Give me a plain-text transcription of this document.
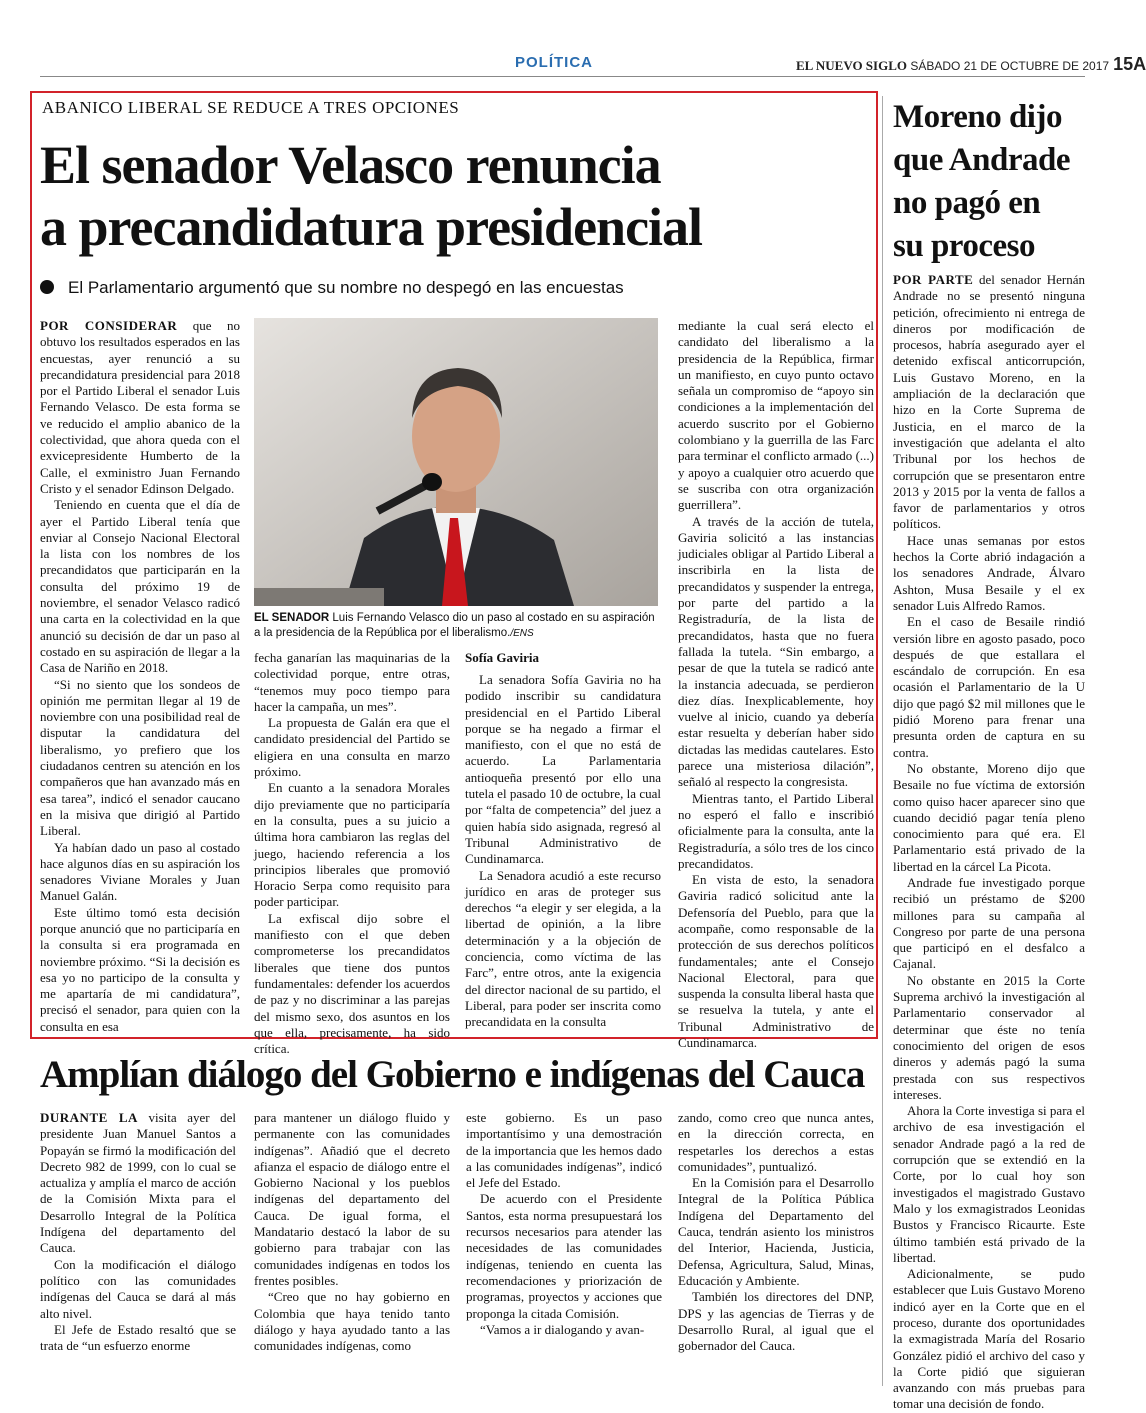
POLÍTICA	EL NUEVO SIGLO SÁBADO 21 DE OCTUBRE DE 2017 15A
ABANICO LIBERAL SE REDUCE A TRES OPCIONES
El senador Velasco renuncia
a precandidatura presidencial
El Parlamentario argumentó que su nombre no despegó en las encuestas

POR CONSIDERAR que no obtuvo los resultados esperados en las encuestas, ayer renunció a su precandidatura presidencial para 2018 por el Partido Liberal el senador Luis Fernando Velasco. De esta forma se ve reducido el amplio abanico de la colectividad, que ahora queda con el exvicepresidente Humberto de la Calle, el exministro Juan Fernando Cristo y el senador Edinson Delgado.

Teniendo en cuenta que el día de ayer el Partido Liberal tenía que enviar al Consejo Nacional Electoral la lista con los nombres de los precandidatos que participarán en la consulta del próximo 19 de noviembre, el senador Velasco radicó una carta en la colectividad en la que anunció su decisión de dar un paso al costado en su aspiración de llegar a la Casa de Nariño en 2018.

“Si no siento que los sondeos de opinión me permitan llegar al 19 de noviembre con una posibilidad real de disputar la candidatura del liberalismo, yo prefiero que los ciudadanos centren su atención en los compañeros que han avanzado más en esa tarea”, indicó el senador caucano en la misiva que dirigió al Partido Liberal.

Ya habían dado un paso al costado hace algunos días en su aspiración los senadores Viviane Morales y Juan Manuel Galán.

Este último tomó esta decisión porque anunció que no participaría en la consulta si era programada en noviembre próximo. “Si la decisión es esa yo no participo de la consulta y me apartaría de mi candidatura”, precisó el senador, para quien con la consulta en esa

EL SENADOR Luis Fernando Velasco dio un paso al costado en su aspiración a la presidencia de la República por el liberalismo./ENS

fecha ganarían las maquinarias de la colectividad porque, entre otras, “tenemos muy poco tiempo para hacer la campaña, un mes”.

La propuesta de Galán era que el candidato presidencial del Partido se eligiera en una consulta en marzo próximo.

En cuanto a la senadora Morales dijo previamente que no participaría en la consulta, pues a su juicio a última hora cambiaron las reglas del juego, haciendo referencia a los principios liberales que promovió Horacio Serpa como requisito para poder participar.

La exfiscal dijo sobre el manifiesto con el que deben comprometerse los precandidatos liberales que tiene dos puntos fundamentales: defender los acuerdos de paz y no discriminar a las parejas del mismo sexo, dos asuntos en los que ella, precisamente, ha sido crítica.

Sofía Gaviria

La senadora Sofía Gaviria no ha podido inscribir su candidatura presidencial en el Partido Liberal porque se ha negado a firmar el manifiesto, con el que no está de acuerdo. La Parlamentaria antioqueña presentó por ello una tutela el pasado 10 de octubre, la cual por “falta de competencia” del juez a quien había sido asignada, regresó al Tribunal Administrativo de Cundinamarca.

La Senadora acudió a este recurso jurídico en aras de proteger sus derechos “a elegir y ser elegida, a la libertad de opinión, a la libre determinación y a la objeción de conciencia, como víctima de las Farc”, entre otros, ante la exigencia del director nacional de su partido, el Liberal, para poder ser inscrita como precandidata en la consulta

mediante la cual será electo el candidato del liberalismo a la presidencia de la República, firmar un manifiesto, en cuyo punto octavo señala un compromiso de “apoyo sin condiciones a la implementación del acuerdo suscrito por el Gobierno colombiano y la guerrilla de las Farc para terminar el conflicto armado (...) y apoyo a cualquier otro acuerdo que se suscriba con otra organización guerrillera”.

A través de la acción de tutela, Gaviria solicitó a las instancias judiciales obligar al Partido Liberal a inscribirla en la lista de precandidatos y suspender la entrega, por parte del partido a la Registraduría, de la lista de precandidatos, hasta que no fuera fallada la tutela. “Sin embargo, a pesar de que la tutela se radicó ante la instancia adecuada, se perdieron diez días. Inexplicablemente, hoy vuelve al inicio, cuando ya debería estar resuelta y deberían haber sido dictadas las medidas cautelares. Esto parece una misteriosa dilación”, señaló al respecto la congresista.

Mientras tanto, el Partido Liberal no esperó el fallo e inscribió oficialmente para la consulta, ante la Registraduría, a sólo tres de los cinco precandidatos.

En vista de esto, la senadora Gaviria radicó solicitud ante la Defensoría del Pueblo, para que la acompañe, como responsable de la protección de sus derechos políticos fundamentales; ante el Consejo Nacional Electoral, para que suspenda la consulta liberal hasta que se resuelva la tutela, y ante el Tribunal Administrativo de Cundinamarca.

Moreno dijo
que Andrade
no pagó en
su proceso

POR PARTE del senador Hernán Andrade no se presentó ninguna petición, ofrecimiento ni entrega de dineros por modificación de procesos, habría asegurado ayer el detenido exfiscal anticorrupción, Luis Gustavo Moreno, en la ampliación de la declaración que hizo en la Corte Suprema de Justicia, en el marco de la investigación que adelanta el alto Tribunal por los hechos de corrupción que se presentaron entre 2013 y 2015 por la venta de fallos a favor de parlamentarios y otros políticos.

Hace unas semanas por estos hechos la Corte abrió indagación a los senadores Andrade, Álvaro Ashton, Musa Besaile y el ex senador Luis Alfredo Ramos.

En el caso de Besaile rindió versión libre en agosto pasado, poco después de que estallara el escándalo de corrupción. En esa ocasión el Parlamentario de la U dijo que pagó $2 mil millones que le pidió Moreno para frenar una presunta orden de captura en su contra.

No obstante, Moreno dijo que Besaile no fue víctima de extorsión como quiso hacer aparecer sino que cuando decidió pagar tenía pleno conocimiento para qué era. El Parlamentario está privado de la libertad en la cárcel La Picota.

Andrade fue investigado porque recibió un préstamo de $200 millones para su campaña al Congreso por parte de una persona que participó en el desfalco a Cajanal.

No obstante en 2015 la Corte Suprema archivó la investigación al Parlamentario conservador al determinar que éste no tenía conocimiento del origen de esos dineros y además pagó la suma prestada con sus respectivos intereses.

Ahora la Corte investiga si para el archivo de esa investigación el senador Andrade pagó a la red de corrupción que se extendió en la Corte, por lo cual hoy son investigados el magistrado Gustavo Malo y los exmagistrados Leonidas Bustos y Francisco Ricaurte. Este último también está privado de la libertad.

Adicionalmente, se pudo establecer que Luis Gustavo Moreno indicó ayer en la Corte que en el proceso, durante dos oportunidades la exmagistrada María del Rosario González pidió el archivo del caso y la Corte pidió que siguieran avanzando con más pruebas para tomar una decisión de fondo.

Amplían diálogo del Gobierno e indígenas del Cauca

DURANTE LA visita ayer del presidente Juan Manuel Santos a Popayán se firmó la modificación del Decreto 982 de 1999, con lo cual se actualiza y amplía el marco de acción de la Comisión Mixta para el Desarrollo Integral de la Política Indígena del departamento del Cauca.

Con la modificación el diálogo político con las comunidades indígenas del Cauca se dará al más alto nivel.

El Jefe de Estado resaltó que se trata de “un esfuerzo enorme

para mantener un diálogo fluido y permanente con las comunidades indígenas”. Añadió que el decreto afianza el espacio de diálogo entre el Gobierno Nacional y los pueblos indígenas del departamento del Cauca. De igual forma, el Mandatario destacó la labor de su gobierno para trabajar con las comunidades indígenas en todos los frentes posibles.

“Creo que no hay gobierno en Colombia que haya tenido tanto diálogo y haya ayudado tanto a las comunidades indígenas, como

este gobierno. Es un paso importantísimo y una demostración de la importancia que les hemos dado a las comunidades indígenas”, indicó el Jefe del Estado.

De acuerdo con el Presidente Santos, esta norma presupuestará los recursos necesarios para atender las necesidades de las comunidades indígenas, teniendo en cuenta las recomendaciones y priorización de programas, proyectos y acciones que proponga la citada Comisión.

“Vamos a ir dialogando y avan-

zando, como creo que nunca antes, en la dirección correcta, en respetarles los derechos a estas comunidades”, puntualizó.

En la Comisión para el Desarrollo Integral de la Política Pública Indígena del Departamento del Cauca, tendrán asiento los ministros del Interior, Hacienda, Justicia, Defensa, Agricultura, Salud, Minas, Educación y Ambiente.

También los directores del DNP, DPS y las agencias de Tierras y de Desarrollo Rural, al igual que el gobernador del Cauca.
